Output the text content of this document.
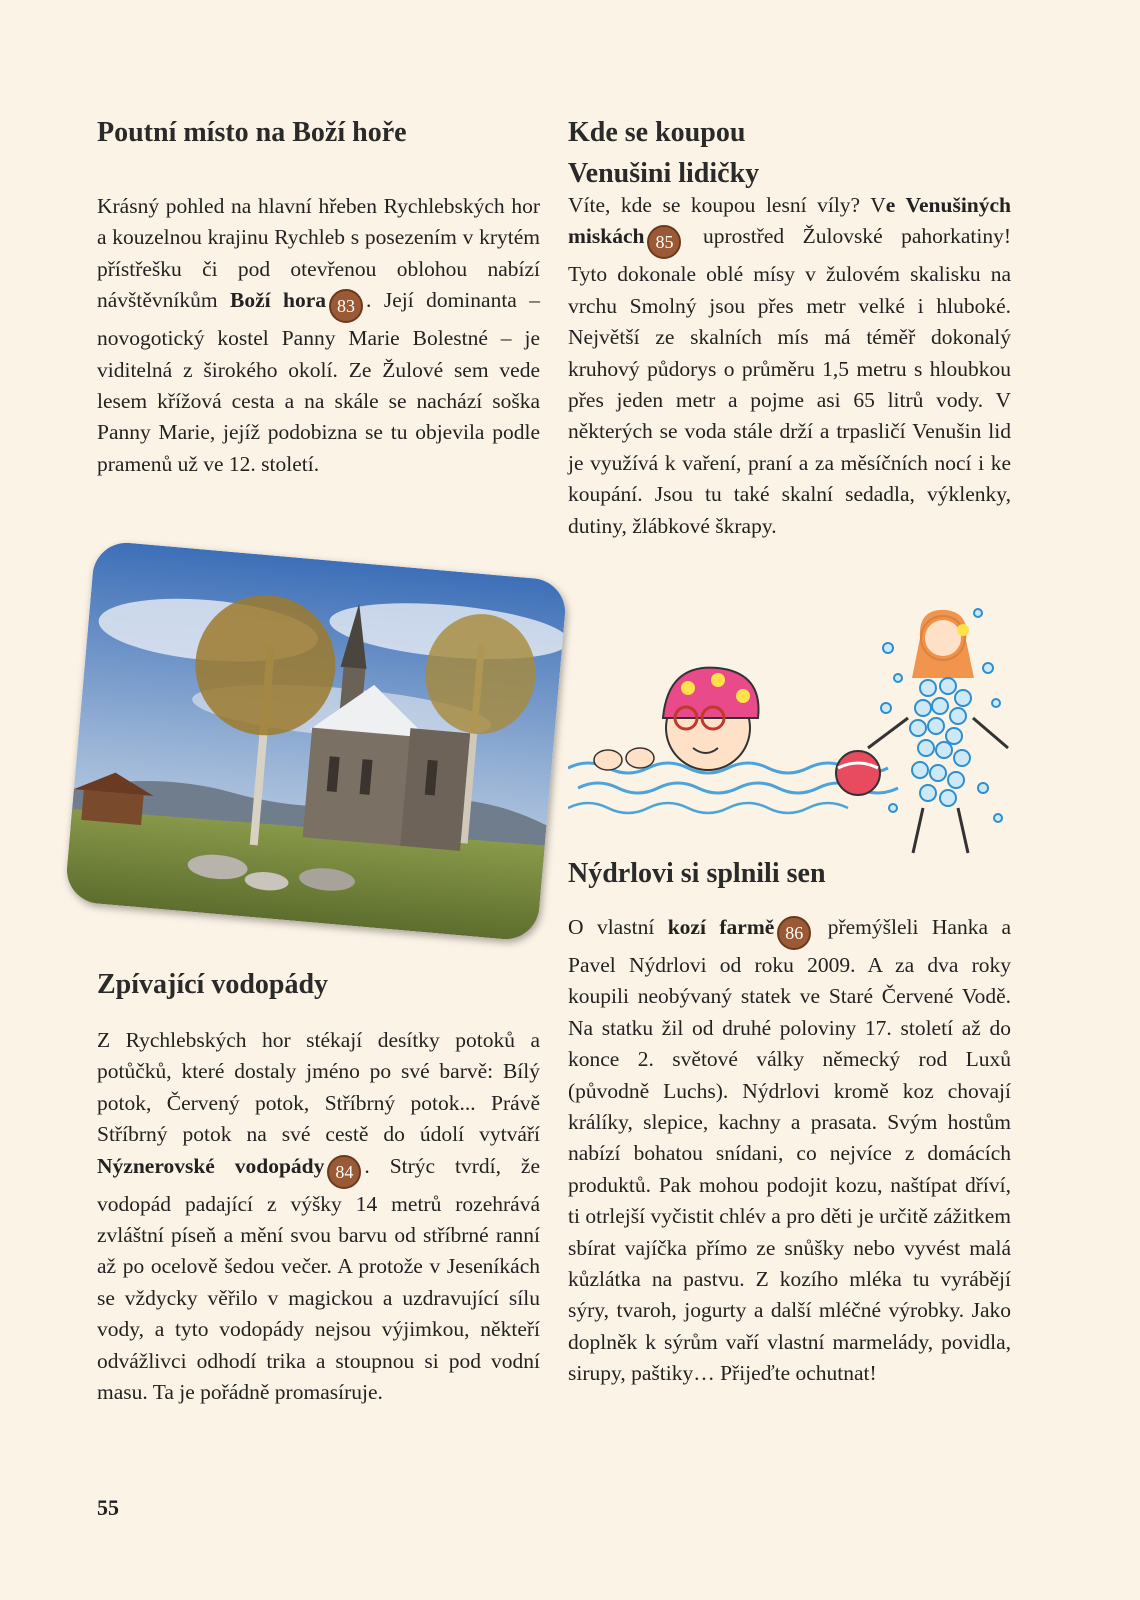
Poutní místo na Boží hoře

Krásný pohled na hlavní hřeben Rychlebských hor a kouzelnou krajinu Rychleb s posezením v krytém přístřešku či pod otevřenou oblohou nabízí návštěvníkům Boží hora 83 . Její dominanta – novogotický kostel Panny Marie Bolestné – je viditelná z širokého okolí. Ze Žulové sem vede lesem křížová cesta a na skále se nachází soška Panny Marie, jejíž podobizna se tu objevila podle pramenů už ve 12. století.

Zpívající vodopády

Z Rychlebských hor stékají desítky potoků a potůčků, které dostaly jméno po své barvě: Bílý potok, Červený potok, Stříbrný potok... Právě Stříbrný potok na své cestě do údolí vytváří Nýznerovské vodopády 84 . Strýc tvrdí, že vodopád padající z výšky 14 metrů rozehrává zvláštní píseň a mění svou barvu od stříbrné ranní až po ocelově šedou večer. A protože v Jeseníkách se vždycky věřilo v magickou a uzdravující sílu vody, a tyto vodopády nejsou výjimkou, někteří odvážlivci odhodí trika a stoupnou si pod vodní masu. Ta je pořádně promasíruje.

Kde se koupou
Venušini lidičky

Víte, kde se koupou lesní víly? Ve Venušiných miskách 85 uprostřed Žulovské pahorkatiny! Tyto dokonale oblé mísy v žulovém skalisku na vrchu Smolný jsou přes metr velké i hluboké. Největší ze skalních mís má téměř dokonalý kruhový půdorys o průměru 1,5 metru s hloubkou přes jeden metr a pojme asi 65 litrů vody. V některých se voda stále drží a trpasličí Venušin lid je využívá k vaření, praní a za měsíčních nocí i ke koupání. Jsou tu také skalní sedadla, výklenky, dutiny, žlábkové škrapy.

Nýdrlovi si splnili sen

O vlastní kozí farmě 86 přemýšleli Hanka a Pavel Nýdrlovi od roku 2009. A za dva roky koupili neobývaný statek ve Staré Červené Vodě. Na statku žil od druhé poloviny 17. století až do konce 2. světové války německý rod Luxů (původně Luchs). Nýdrlovi kromě koz chovají králíky, slepice, kachny a prasata. Svým hostům nabízí bohatou snídani, co nejvíce z domácích produktů. Pak mohou podojit kozu, naštípat dříví, ti otrlejší vyčistit chlév a pro děti je určitě zážitkem sbírat vajíčka přímo ze snůšky nebo vyvést malá kůzlátka na pastvu. Z kozího mléka tu vyrábějí sýry, tvaroh, jogurty a další mléčné výrobky. Jako doplněk k sýrům vaří vlastní marmelády, povidla, sirupy, paštiky… Přijeďte ochutnat!

55
